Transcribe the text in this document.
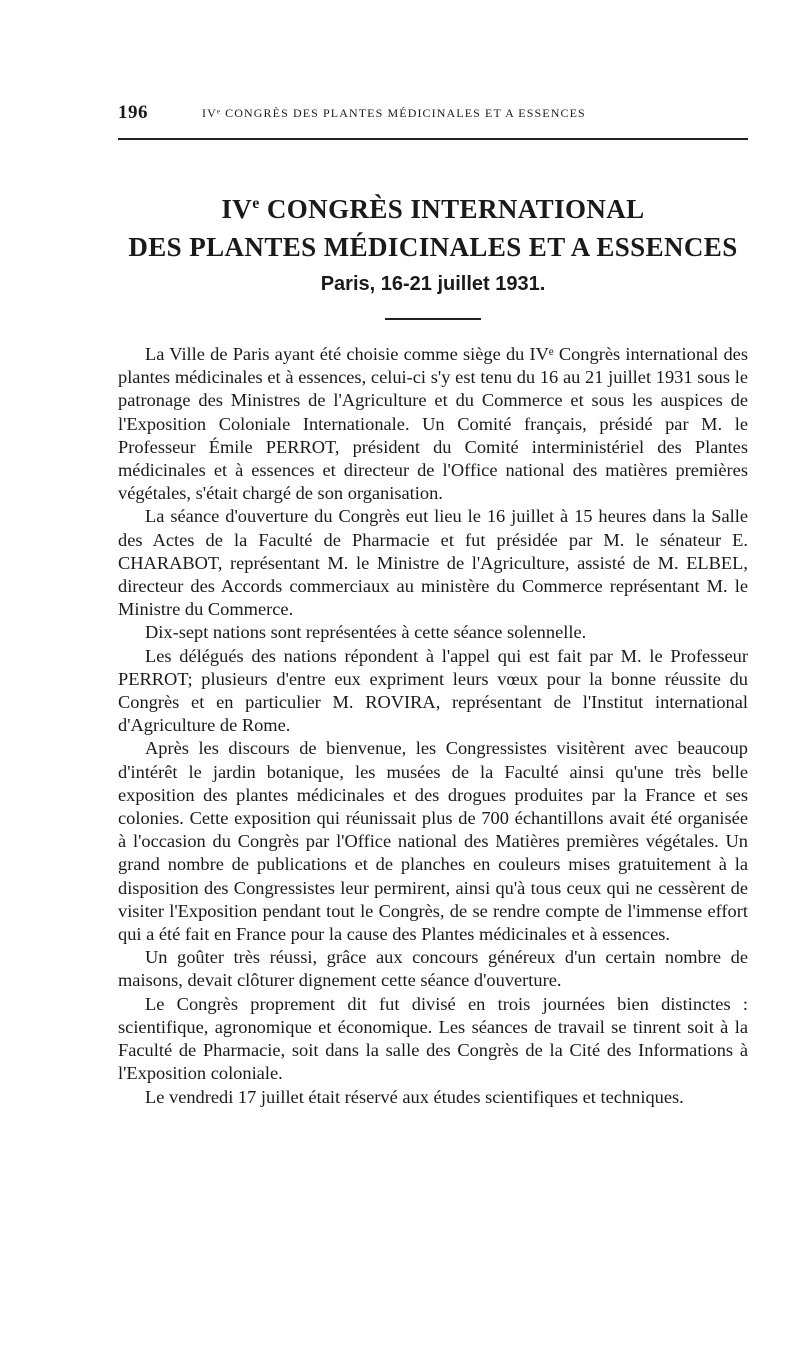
196	IVᵉ CONGRÈS DES PLANTES MÉDICINALES ET A ESSENCES
IVe CONGRÈS INTERNATIONAL
DES PLANTES MÉDICINALES ET A ESSENCES
Paris, 16-21 juillet 1931.

La Ville de Paris ayant été choisie comme siège du IVᵉ Congrès international des plantes médicinales et à essences, celui-ci s'y est tenu du 16 au 21 juillet 1931 sous le patronage des Ministres de l'Agriculture et du Commerce et sous les auspices de l'Exposition Coloniale Internationale. Un Comité français, présidé par M. le Professeur Émile PERROT, président du Comité interministériel des Plantes médicinales et à essences et directeur de l'Office national des matières premières végétales, s'était chargé de son organisation.

La séance d'ouverture du Congrès eut lieu le 16 juillet à 15 heures dans la Salle des Actes de la Faculté de Pharmacie et fut présidée par M. le sénateur E. CHARABOT, représentant M. le Ministre de l'Agriculture, assisté de M. ELBEL, directeur des Accords commerciaux au ministère du Commerce représentant M. le Ministre du Commerce.

Dix-sept nations sont représentées à cette séance solennelle.

Les délégués des nations répondent à l'appel qui est fait par M. le Professeur PERROT; plusieurs d'entre eux expriment leurs vœux pour la bonne réussite du Congrès et en particulier M. ROVIRA, représentant de l'Institut international d'Agriculture de Rome.

Après les discours de bienvenue, les Congressistes visitèrent avec beaucoup d'intérêt le jardin botanique, les musées de la Faculté ainsi qu'une très belle exposition des plantes médicinales et des drogues produites par la France et ses colonies. Cette exposition qui réunissait plus de 700 échantillons avait été organisée à l'occasion du Congrès par l'Office national des Matières premières végétales. Un grand nombre de publications et de planches en couleurs mises gratuitement à la disposition des Congressistes leur permirent, ainsi qu'à tous ceux qui ne cessèrent de visiter l'Exposition pendant tout le Congrès, de se rendre compte de l'immense effort qui a été fait en France pour la cause des Plantes médicinales et à essences.

Un goûter très réussi, grâce aux concours généreux d'un certain nombre de maisons, devait clôturer dignement cette séance d'ouverture.

Le Congrès proprement dit fut divisé en trois journées bien distinctes : scientifique, agronomique et économique. Les séances de travail se tinrent soit à la Faculté de Pharmacie, soit dans la salle des Congrès de la Cité des Informations à l'Exposition coloniale.

Le vendredi 17 juillet était réservé aux études scientifiques et techniques.
